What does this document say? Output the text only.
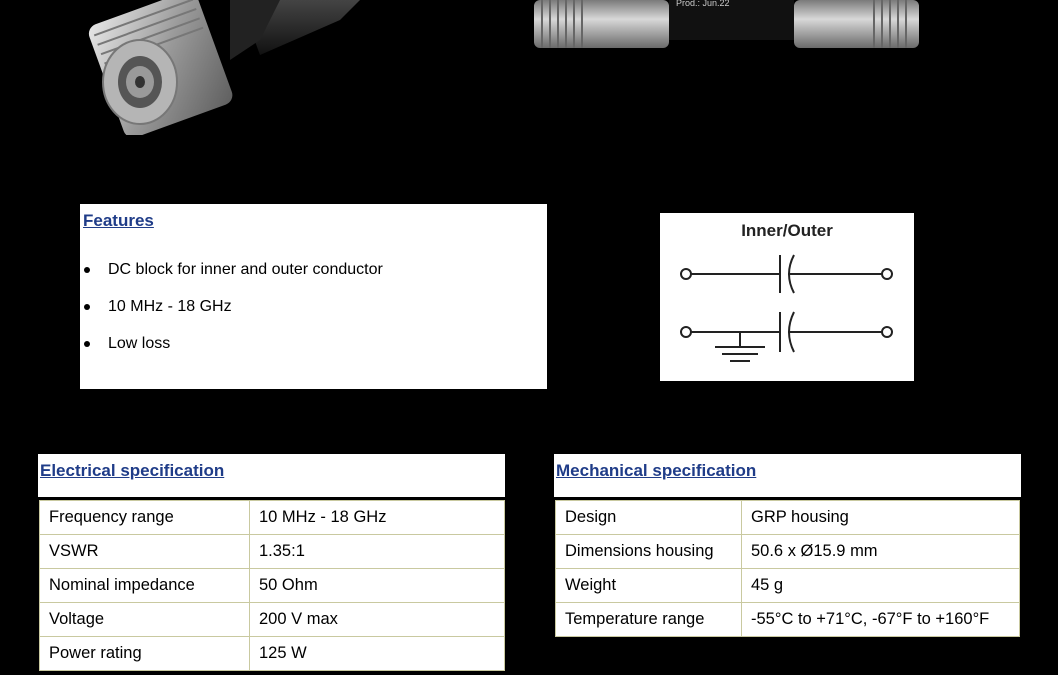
Prod.: Jun.22
Features
DC block for inner and outer conductor
10 MHz - 18 GHz
Low loss
Inner/Outer
Electrical specification
Frequency range	10 MHz - 18 GHz
VSWR	1.35:1
Nominal impedance	50 Ohm
Voltage	200 V max
Power rating	125 W
Mechanical specification
Design	GRP housing
Dimensions housing	50.6 x Ø15.9 mm
Weight	45 g
Temperature range	-55°C to +71°C, -67°F to +160°F
